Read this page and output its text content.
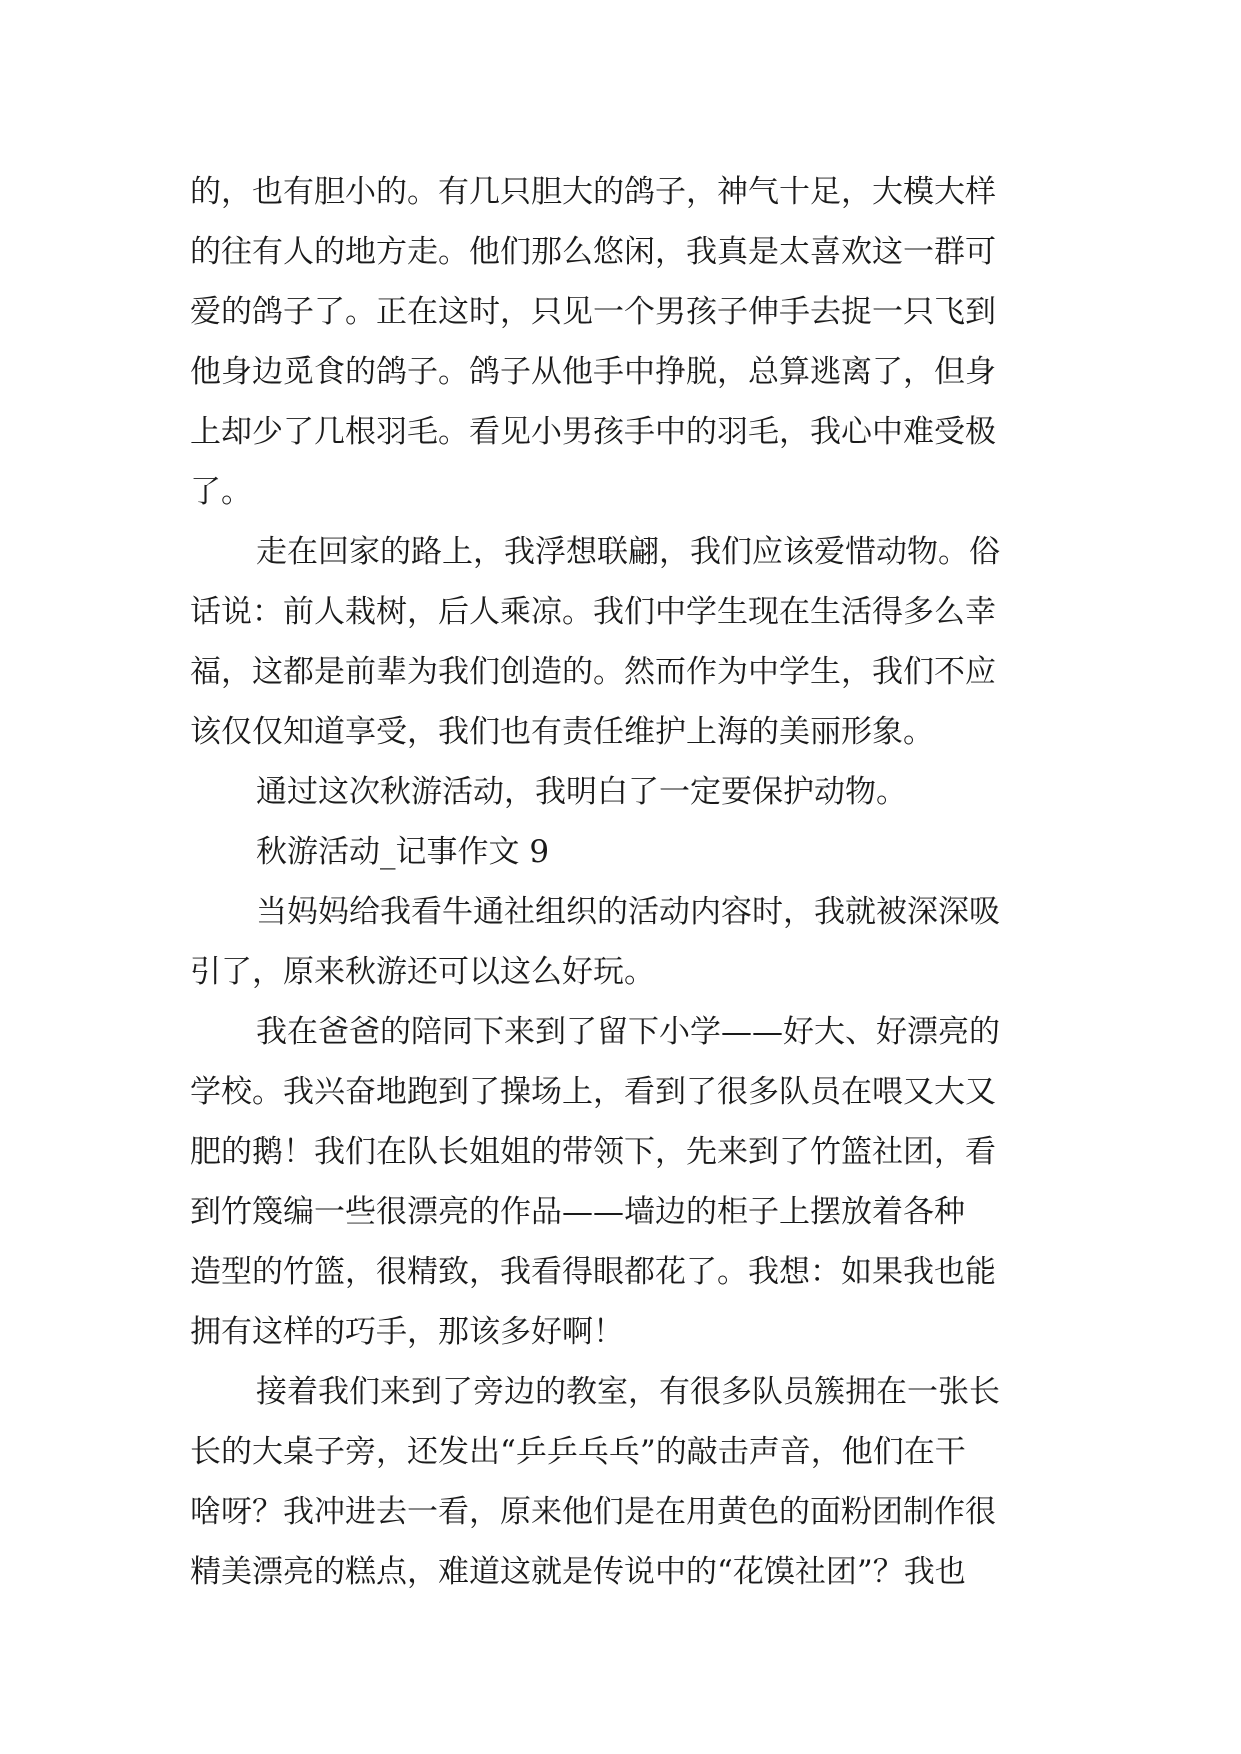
的，也有胆小的。有几只胆大的鸽子，神气十足，大模大样
的往有人的地方走。他们那么悠闲，我真是太喜欢这一群可
爱的鸽子了。正在这时，只见一个男孩子伸手去捉一只飞到
他身边觅食的鸽子。鸽子从他手中挣脱，总算逃离了，但身
上却少了几根羽毛。看见小男孩手中的羽毛，我心中难受极
了。
走在回家的路上，我浮想联翩，我们应该爱惜动物。俗
话说：前人栽树，后人乘凉。我们中学生现在生活得多么幸
福，这都是前辈为我们创造的。然而作为中学生，我们不应
该仅仅知道享受，我们也有责任维护上海的美丽形象。
通过这次秋游活动，我明白了一定要保护动物。
秋游活动_记事作文 9
当妈妈给我看牛通社组织的活动内容时，我就被深深吸
引了，原来秋游还可以这么好玩。
我在爸爸的陪同下来到了留下小学——好大、好漂亮的
学校。我兴奋地跑到了操场上，看到了很多队员在喂又大又
肥的鹅！我们在队长姐姐的带领下，先来到了竹篮社团，看
到竹篾编一些很漂亮的作品——墙边的柜子上摆放着各种
造型的竹篮，很精致，我看得眼都花了。我想：如果我也能
拥有这样的巧手，那该多好啊！
接着我们来到了旁边的教室，有很多队员簇拥在一张长
长的大桌子旁，还发出“乒乒乓乓”的敲击声音，他们在干
啥呀？我冲进去一看，原来他们是在用黄色的面粉团制作很
精美漂亮的糕点，难道这就是传说中的“花馍社团”？我也
